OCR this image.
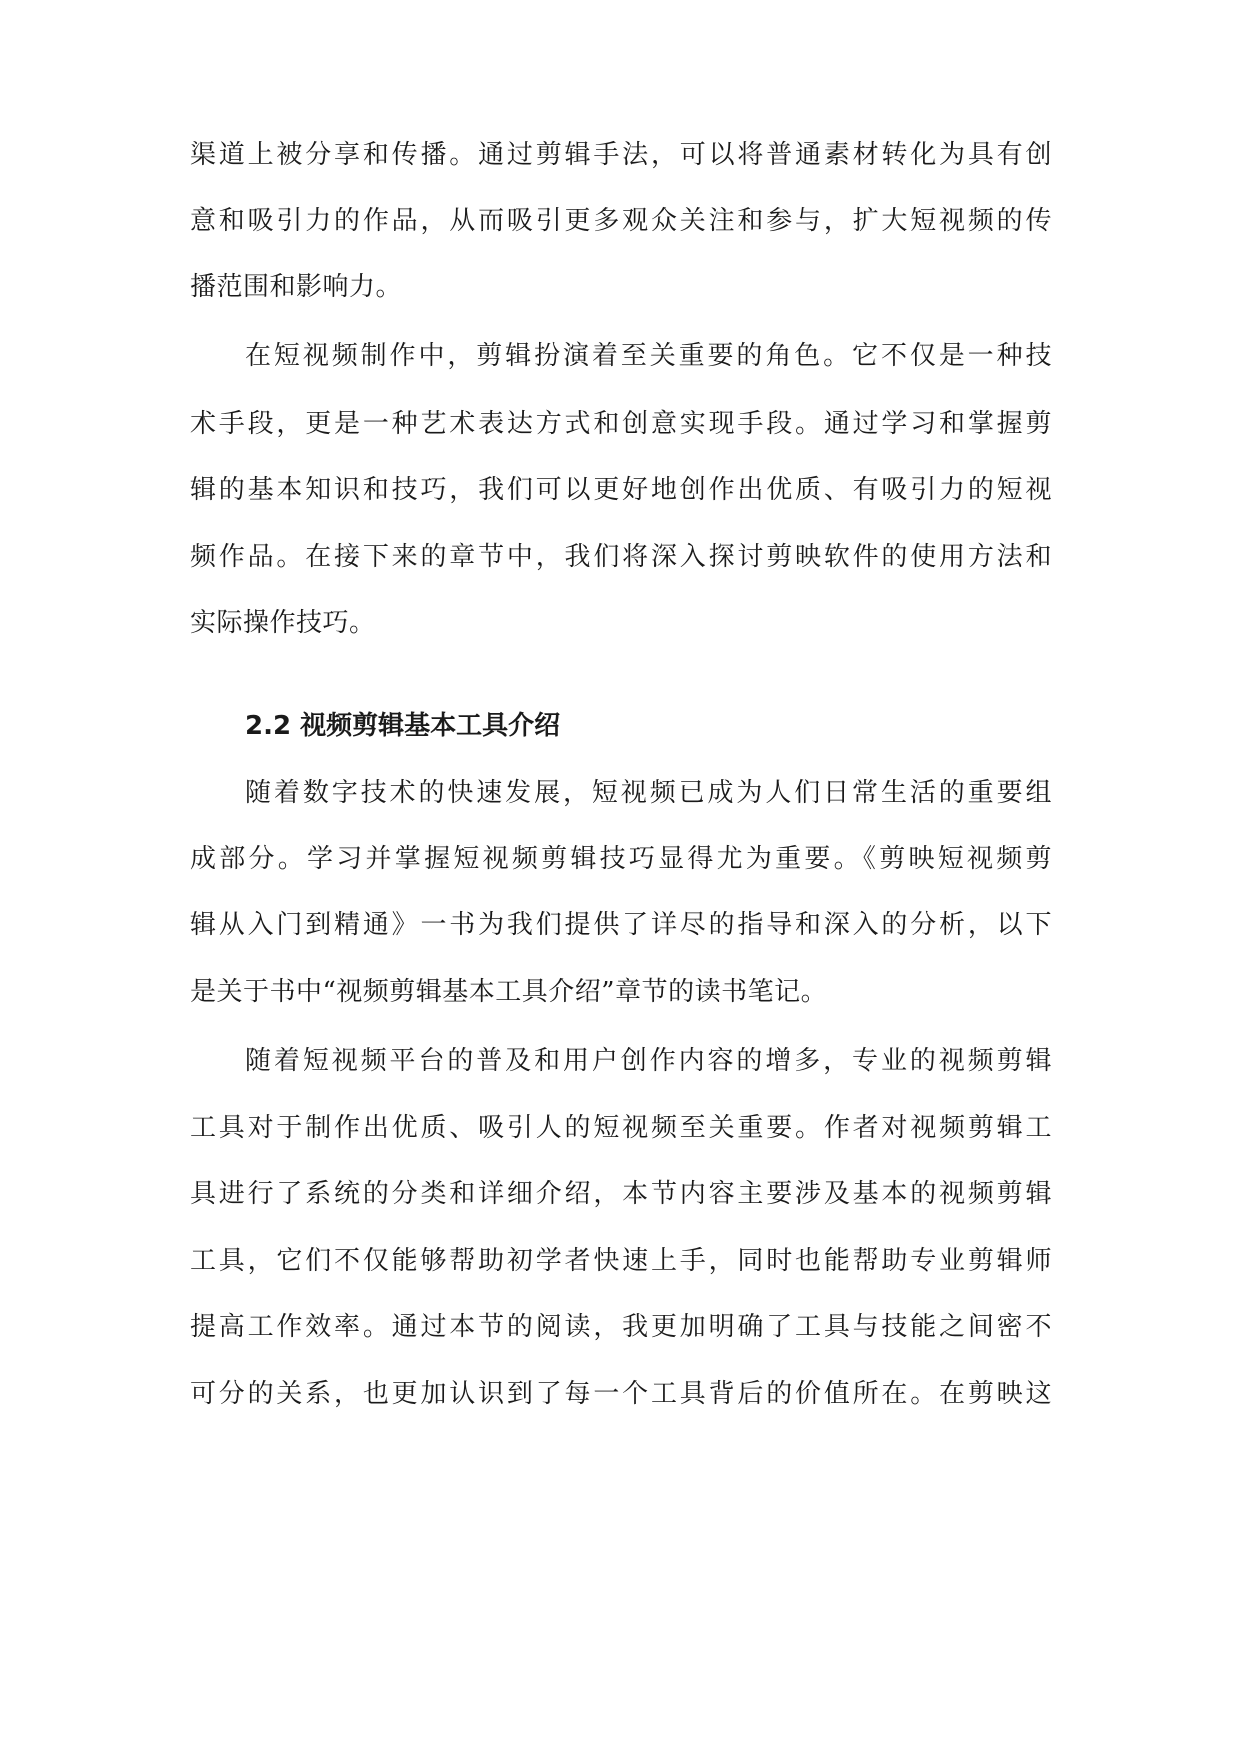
渠道上被分享和传播。通过剪辑手法，可以将普通素材转化为具有创
意和吸引力的作品，从而吸引更多观众关注和参与，扩大短视频的传
播范围和影响力。
在短视频制作中，剪辑扮演着至关重要的角色。它不仅是一种技
术手段，更是一种艺术表达方式和创意实现手段。通过学习和掌握剪
辑的基本知识和技巧，我们可以更好地创作出优质、有吸引力的短视
频作品。在接下来的章节中，我们将深入探讨剪映软件的使用方法和
实际操作技巧。
2.2 视频剪辑基本工具介绍
随着数字技术的快速发展，短视频已成为人们日常生活的重要组
成部分。学习并掌握短视频剪辑技巧显得尤为重要。《剪映短视频剪
辑从入门到精通》一书为我们提供了详尽的指导和深入的分析，以下
是关于书中“视频剪辑基本工具介绍”章节的读书笔记。
随着短视频平台的普及和用户创作内容的增多，专业的视频剪辑
工具对于制作出优质、吸引人的短视频至关重要。作者对视频剪辑工
具进行了系统的分类和详细介绍，本节内容主要涉及基本的视频剪辑
工具，它们不仅能够帮助初学者快速上手，同时也能帮助专业剪辑师
提高工作效率。通过本节的阅读，我更加明确了工具与技能之间密不
可分的关系，也更加认识到了每一个工具背后的价值所在。在剪映这
